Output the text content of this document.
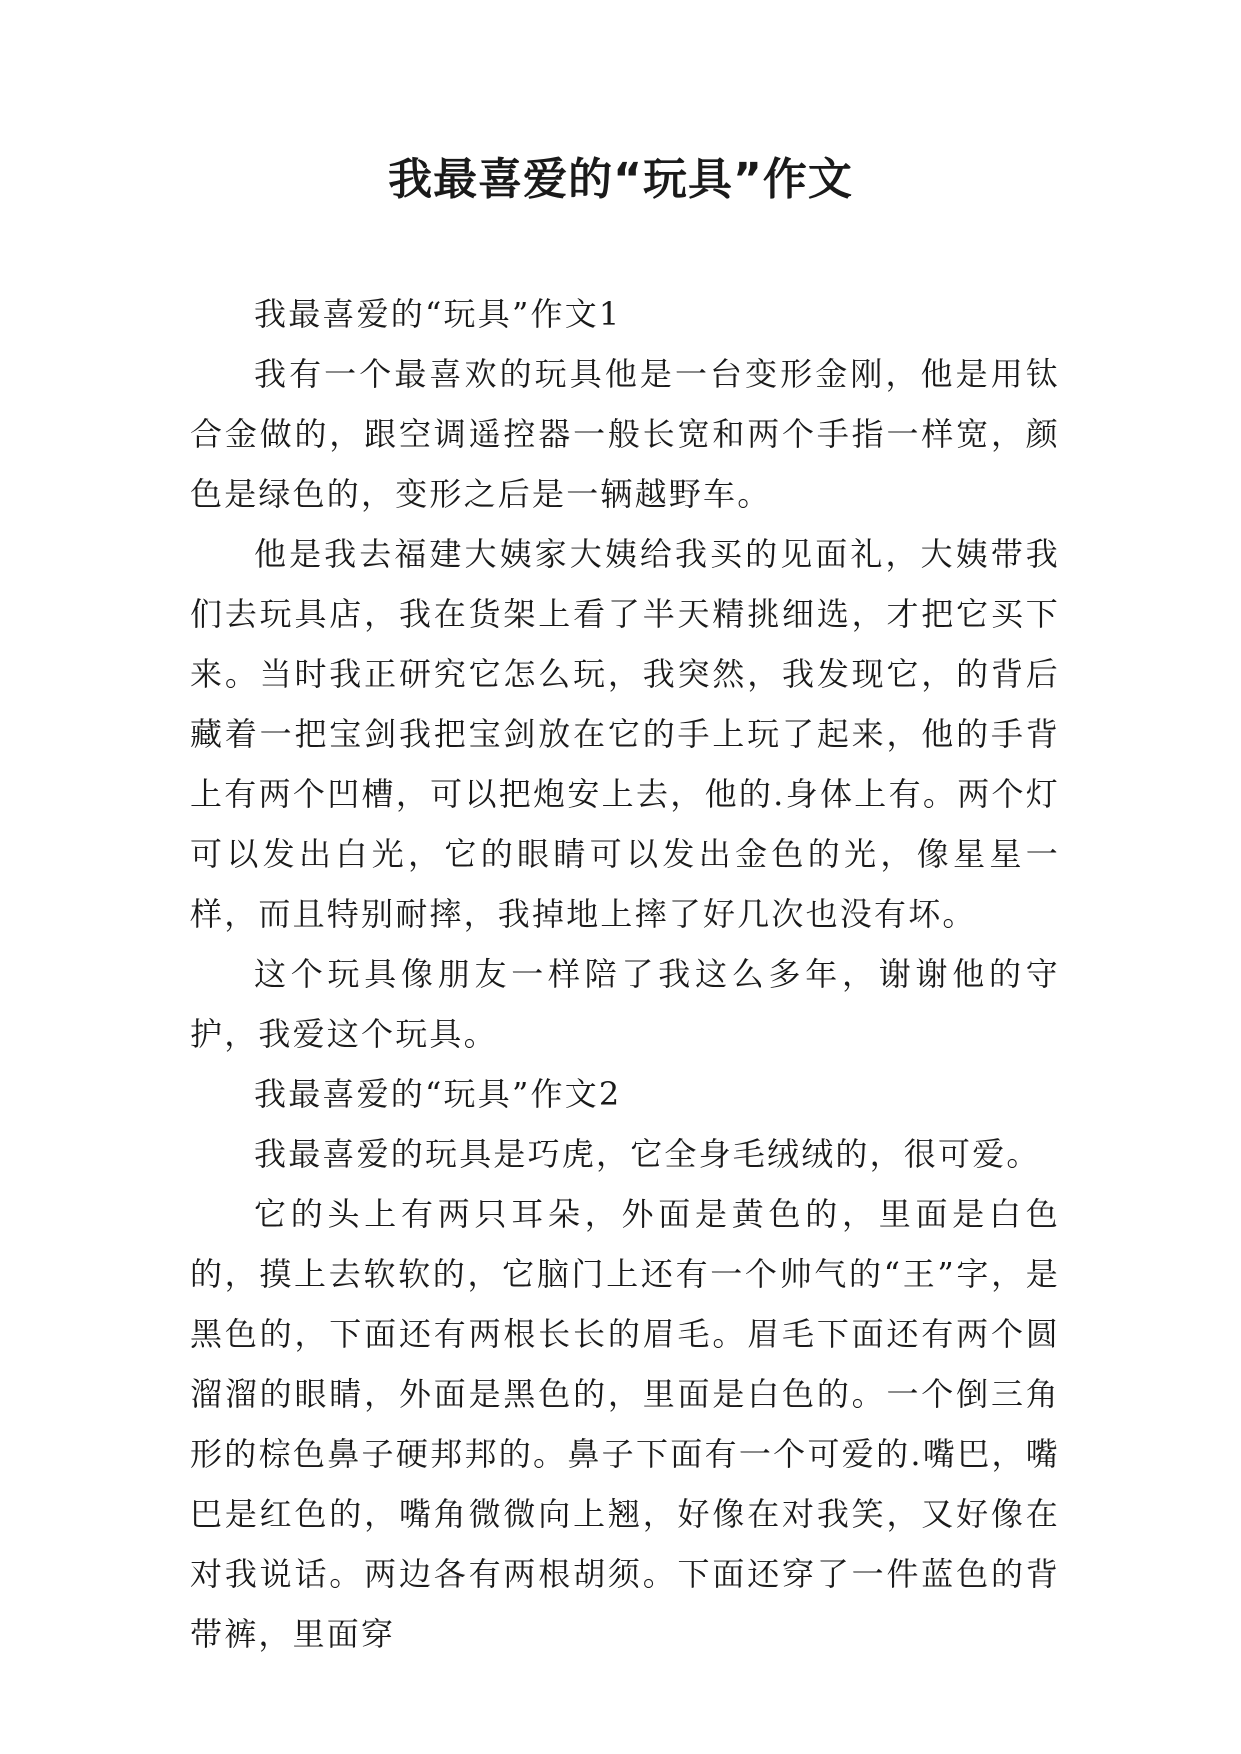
我最喜爱的“玩具”作文

我最喜爱的“玩具”作文1

我有一个最喜欢的玩具他是一台变形金刚，他是用钛合金做的，跟空调遥控器一般长宽和两个手指一样宽，颜色是绿色的，变形之后是一辆越野车。

他是我去福建大姨家大姨给我买的见面礼，大姨带我们去玩具店，我在货架上看了半天精挑细选，才把它买下来。当时我正研究它怎么玩，我突然，我发现它，的背后藏着一把宝剑我把宝剑放在它的手上玩了起来，他的手背上有两个凹槽，可以把炮安上去，他的.身体上有。两个灯可以发出白光，它的眼睛可以发出金色的光，像星星一样，而且特别耐摔，我掉地上摔了好几次也没有坏。

这个玩具像朋友一样陪了我这么多年，谢谢他的守护，我爱这个玩具。

我最喜爱的“玩具”作文2

我最喜爱的玩具是巧虎，它全身毛绒绒的，很可爱。

它的头上有两只耳朵，外面是黄色的，里面是白色的，摸上去软软的，它脑门上还有一个帅气的“王”字，是黑色的，下面还有两根长长的眉毛。眉毛下面还有两个圆溜溜的眼睛，外面是黑色的，里面是白色的。一个倒三角形的棕色鼻子硬邦邦的。鼻子下面有一个可爱的.嘴巴，嘴巴是红色的，嘴角微微向上翘，好像在对我笑，又好像在对我说话。两边各有两根胡须。下面还穿了一件蓝色的背带裤，里面穿
